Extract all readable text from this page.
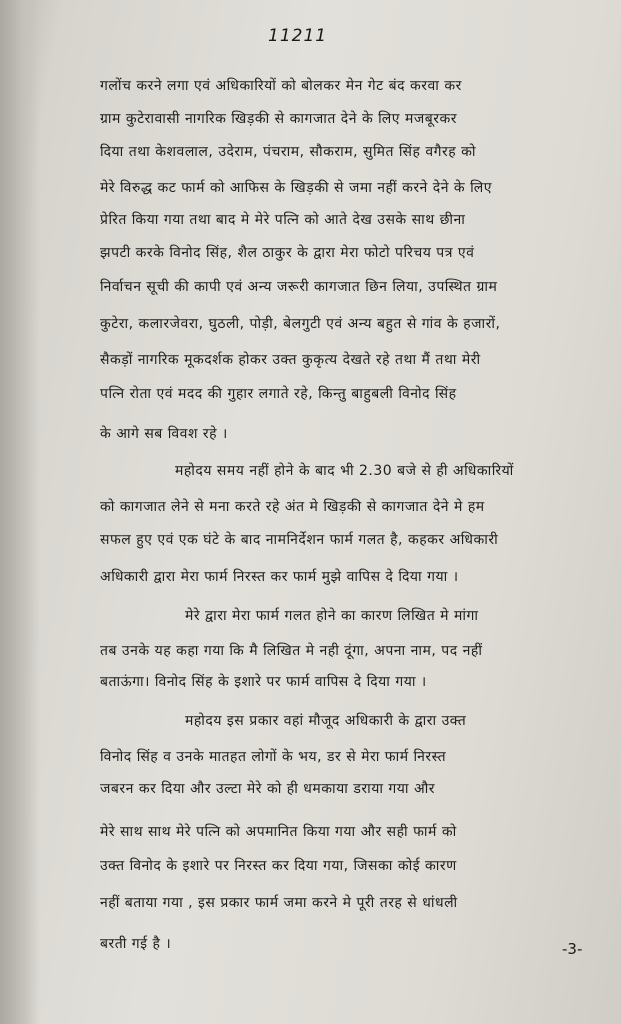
11211
गलोंच करने लगा एवं अधिकारियों को बोलकर मेन गेट बंद करवा कर
ग्राम कुटेरावासी नागरिक खिड़की से कागजात देने के लिए मजबूरकर
दिया तथा केशवलाल, उदेराम, पंचराम, सौकराम, सुमित सिंह वगैरह को
मेरे विरुद्ध कट फार्म को आफिस के खिड़की से जमा नहीं करने देने के लिए
प्रेरित किया गया तथा बाद मे मेरे पत्नि को आते देख उसके साथ छीना
झपटी करके विनोद सिंह, शैल ठाकुर के द्वारा मेरा फोटो परिचय पत्र एवं
निर्वाचन सूची की कापी एवं अन्य जरूरी कागजात छिन लिया, उपस्थित ग्राम
कुटेरा, कलारजेवरा, घुठली, पोड़ी, बेलगुटी एवं अन्य बहुत से गांव के हजारों,
सैकड़ों नागरिक मूकदर्शक होकर उक्त कुकृत्य देखते रहे तथा मैं तथा मेरी
पत्नि रोता एवं मदद की गुहार लगाते रहे, किन्तु बाहुबली विनोद सिंह
के आगे सब विवश रहे ।
महोदय समय नहीं होने के बाद भी 2.30 बजे से ही अधिकारियों
को कागजात लेने से मना करते रहे अंत मे खिड़की से कागजात देने मे हम
सफल हुए एवं एक घंटे के बाद नामनिर्देशन फार्म गलत है, कहकर अधिकारी
अधिकारी द्वारा मेरा फार्म निरस्त कर फार्म मुझे वापिस दे दिया गया ।
मेरे द्वारा मेरा फार्म गलत होने का कारण लिखित मे मांगा
तब उनके यह कहा गया कि मै लिखित मे नही दूंगा, अपना नाम, पद नहीं
बताऊंगा। विनोद सिंह के इशारे पर फार्म वापिस दे दिया गया ।
महोदय इस प्रकार वहां मौजूद अधिकारी के द्वारा उक्त
विनोद सिंह व उनके मातहत लोगों के भय, डर से मेरा फार्म निरस्त
जबरन कर दिया और उल्टा मेरे को ही धमकाया डराया गया और
मेरे साथ साथ मेरे पत्नि को अपमानित किया गया और सही फार्म को
उक्त विनोद के इशारे पर निरस्त कर दिया गया, जिसका कोई कारण
नहीं बताया गया , इस प्रकार फार्म जमा करने मे पूरी तरह से धांधली
बरती गई है ।	-3-
